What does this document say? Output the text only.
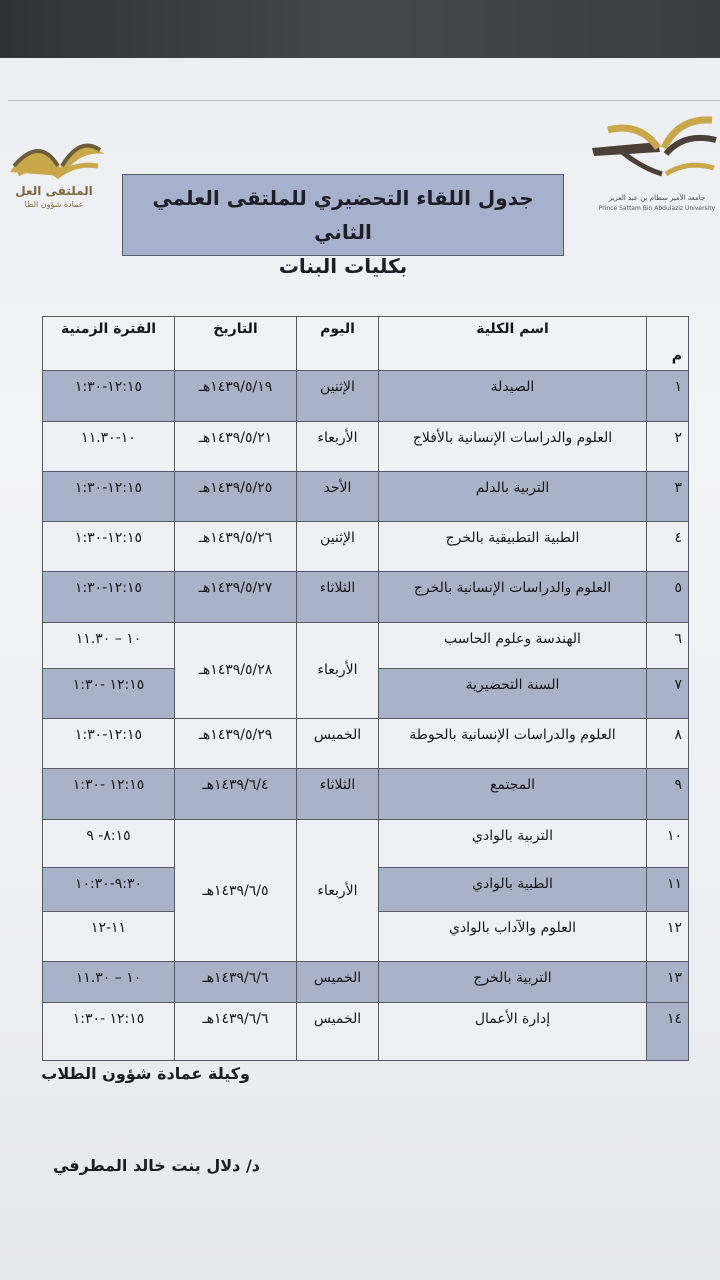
الملتقى العل
عمادة شؤون الطا
جامعة الأمير سطام بن عبد العزيز
Prince Sattam Bin Abdulaziz University
جدول اللقاء التحضيري للملتقى العلمي الثاني
بكليات البنات
م	اسم الكلية	اليوم	التاريخ	الفترة الزمنية
١	الصيدلة	الإثنين	١٤٣٩/٥/١٩هـ	١٢:١٥-١:٣٠
٢	العلوم والدراسات الإنسانية بالأفلاج	الأربعاء	١٤٣٩/٥/٢١هـ	١٠-١١.٣٠
٣	التربية بالدلم	الأحد	١٤٣٩/٥/٢٥هـ	١٢:١٥-١:٣٠
٤	الطبية التطبيقية بالخرج	الإثنين	١٤٣٩/٥/٢٦هـ	١٢:١٥-١:٣٠
٥	العلوم والدراسات الإنسانية بالخرج	الثلاثاء	١٤٣٩/٥/٢٧هـ	١٢:١٥-١:٣٠
٦	الهندسة وعلوم الحاسب	الأربعاء	١٤٣٩/٥/٢٨هـ	١٠ – ١١.٣٠
٧	السنة التحضيرية			١٢:١٥ -١:٣٠
٨	العلوم والدراسات الإنسانية بالحوطة	الخميس	١٤٣٩/٥/٢٩هـ	١٢:١٥-١:٣٠
٩	المجتمع	الثلاثاء	١٤٣٩/٦/٤هـ	١٢:١٥ -١:٣٠
١٠	التربية بالوادي	الأربعاء	١٤٣٩/٦/٥هـ	٨:١٥- ٩
١١	الطبية بالوادي			٩:٣٠-١٠:٣٠
١٢	العلوم والآداب بالوادي			١١-١٢
١٣	التربية بالخرج	الخميس	١٤٣٩/٦/٦هـ	١٠ – ١١.٣٠
١٤	إدارة الأعمال	الخميس	١٤٣٩/٦/٦هـ	١٢:١٥ -١:٣٠
وكيلة عمادة شؤون الطلاب
د/ دلال بنت خالد المطرفي
